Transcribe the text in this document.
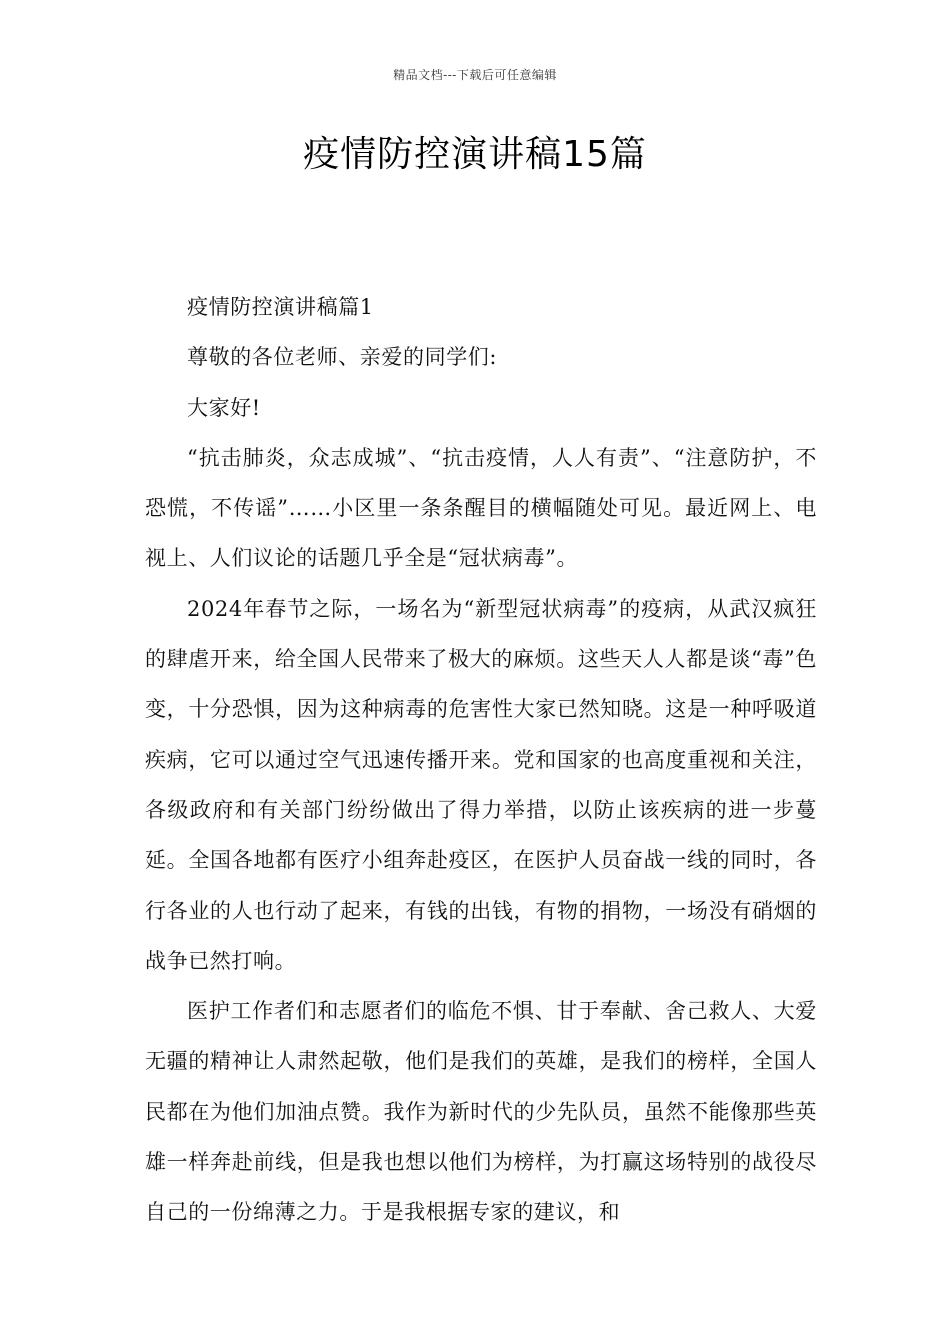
精品文档---下载后可任意编辑
疫情防控演讲稿15篇

疫情防控演讲稿篇1

尊敬的各位老师、亲爱的同学们:

大家好!

“抗击肺炎，众志成城”、“抗击疫情，人人有责”、“注意防护，不恐慌，不传谣”……小区里一条条醒目的横幅随处可见。最近网上、电视上、人们议论的话题几乎全是“冠状病毒”。

2024年春节之际，一场名为“新型冠状病毒”的疫病，从武汉疯狂的肆虐开来，给全国人民带来了极大的麻烦。这些天人人都是谈“毒”色变，十分恐惧，因为这种病毒的危害性大家已然知晓。这是一种呼吸道疾病，它可以通过空气迅速传播开来。党和国家的也高度重视和关注，各级政府和有关部门纷纷做出了得力举措，以防止该疾病的进一步蔓延。全国各地都有医疗小组奔赴疫区，在医护人员奋战一线的同时，各行各业的人也行动了起来，有钱的出钱，有物的捐物，一场没有硝烟的战争已然打响。

医护工作者们和志愿者们的临危不惧、甘于奉献、舍己救人、大爱无疆的精神让人肃然起敬，他们是我们的英雄，是我们的榜样，全国人民都在为他们加油点赞。我作为新时代的少先队员，虽然不能像那些英雄一样奔赴前线，但是我也想以他们为榜样，为打赢这场特别的战役尽自己的一份绵薄之力。于是我根据专家的建议，和
